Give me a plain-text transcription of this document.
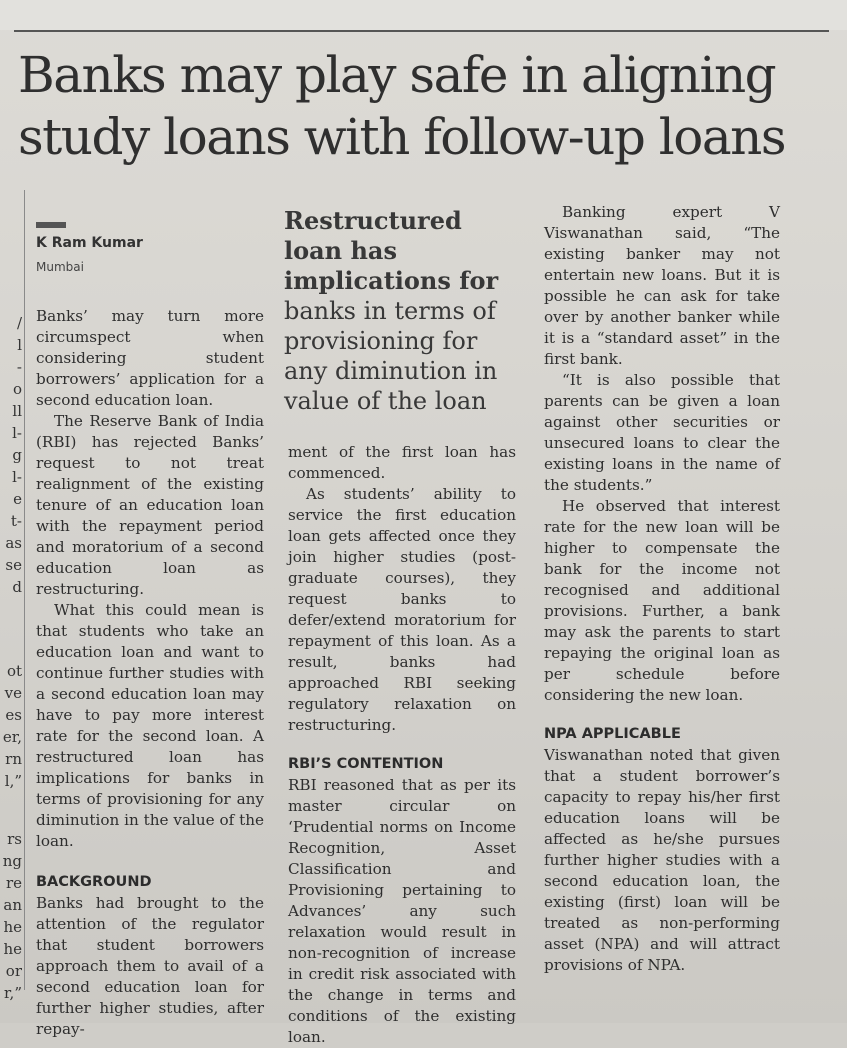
/
l
-
o
ll
l-
g
l-
e
t-
as
se
d
ot
ve
es
er,
rn
l,”
rs
ng
re
an
he
he
or
r,”
Banks may play safe in aligning study loans with follow-up loans
K Ram Kumar
Mumbai
Restructured loan has implications for banks in terms of provisioning for any diminution in value of the loan

Banks’ may turn more circumspect when considering student borrowers’ application for a second education loan.

The Reserve Bank of India (RBI) has rejected Banks’ request to not treat realignment of the existing tenure of an education loan with the repayment period and moratorium of a second education loan as restructuring.

What this could mean is that students who take an education loan and want to continue further studies with a second education loan may have to pay more interest rate for the second loan. A restructured loan has implications for banks in terms of provisioning for any diminution in the value of the loan.

BACKGROUND

Banks had brought to the attention of the regulator that student borrowers approach them to avail of a second education loan for further higher studies, after repay-

ment of the first loan has commenced.

As students’ ability to service the first education loan gets affected once they join higher studies (post-graduate courses), they request banks to defer/extend moratorium for repayment of this loan. As a result, banks had approached RBI seeking regulatory relaxation on restructuring.

RBI’S CONTENTION

RBI reasoned that as per its master circular on ‘Prudential norms on Income Recognition, Asset Classification and Provisioning pertaining to Advances’ any such relaxation would result in non-recognition of increase in credit risk associated with the change in terms and conditions of the existing loan.

Banking expert V Viswanathan said, “The existing banker may not entertain new loans. But it is possible he can ask for take over by another banker while it is a “standard asset” in the first bank.

“It is also possible that parents can be given a loan against other securities or unsecured loans to clear the existing loans in the name of the students.”

He observed that interest rate for the new loan will be higher to compensate the bank for the income not recognised and additional provisions. Further, a bank may ask the parents to start repaying the original loan as per schedule before considering the new loan.

NPA APPLICABLE

Viswanathan noted that given that a student borrower’s capacity to repay his/her first education loans will be affected as he/she pursues further higher studies with a second education loan, the existing (first) loan will be treated as non-performing asset (NPA) and will attract provisions of NPA.
